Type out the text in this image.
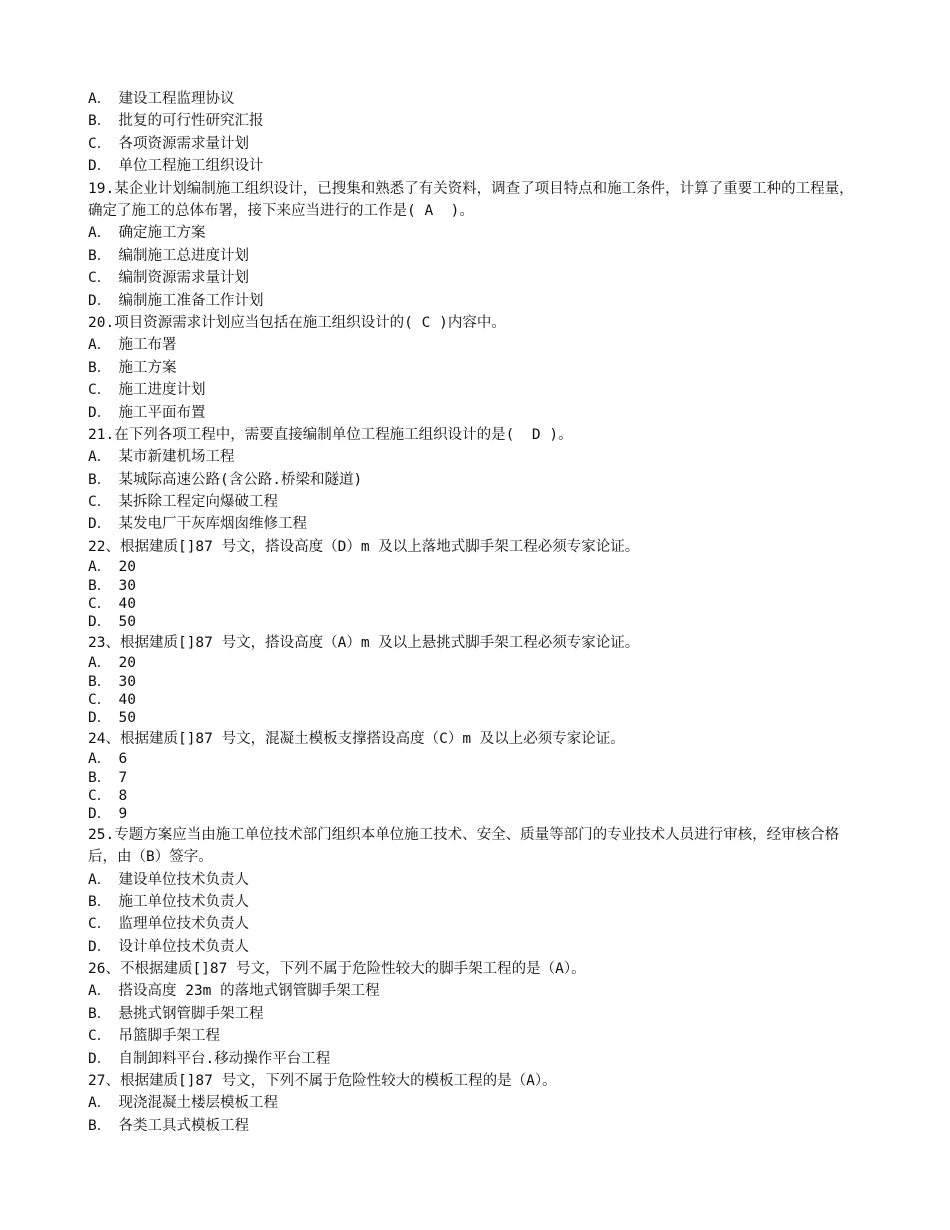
A．　建设工程监理协议
B．　批复的可行性研究汇报
C．　各项资源需求量计划
D．　单位工程施工组织设计
19.某企业计划编制施工组织设计，已搜集和熟悉了有关资料，调查了项目特点和施工条件，计算了重要工种的工程量，确定了施工的总体布署，接下来应当进行的工作是( A  )。
A．　确定施工方案
B．　编制施工总进度计划
C．　编制资源需求量计划
D．　编制施工准备工作计划
20.项目资源需求计划应当包括在施工组织设计的( C )内容中。
A．　施工布署
B．　施工方案
C．　施工进度计划
D．　施工平面布置
21.在下列各项工程中，需要直接编制单位工程施工组织设计的是(  D )。
A．　某市新建机场工程
B．　某城际高速公路(含公路.桥梁和隧道)
C．　某拆除工程定向爆破工程
D．　某发电厂干灰库烟囱维修工程
22、根据建质[]87 号文，搭设高度（D）m 及以上落地式脚手架工程必须专家论证。
A．　20
B．　30
C．　40
D．　50
23、根据建质[]87 号文，搭设高度（A）m 及以上悬挑式脚手架工程必须专家论证。
A．　20
B．　30
C．　40
D．　50
24、根据建质[]87 号文，混凝土模板支撑搭设高度（C）m 及以上必须专家论证。
A．　6
B．　7
C．　8
D．　9
25.专题方案应当由施工单位技术部门组织本单位施工技术、安全、质量等部门的专业技术人员进行审核，经审核合格后，由（B）签字。
A．　建设单位技术负责人
B．　施工单位技术负责人
C．　监理单位技术负责人
D．　设计单位技术负责人
26、不根据建质[]87 号文，下列不属于危险性较大的脚手架工程的是（A）。
A．　搭设高度 23m 的落地式钢管脚手架工程
B．　悬挑式钢管脚手架工程
C．　吊篮脚手架工程
D．　自制卸料平台.移动操作平台工程
27、根据建质[]87 号文，下列不属于危险性较大的模板工程的是（A）。
A．　现浇混凝土楼层模板工程
B．　各类工具式模板工程
